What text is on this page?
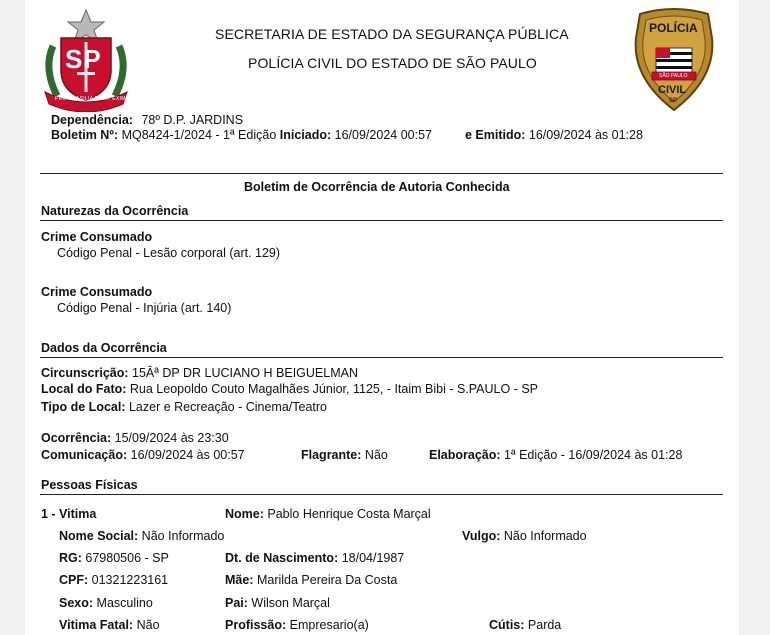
SP
PRO BRASILIA FIANT EXIMIA
SECRETARIA DE ESTADO DA SEGURANÇA PÚBLICA
POLÍCIA CIVIL DO ESTADO DE SÃO PAULO
POLÍCIA
SÃO PAULO
CIVIL
SP
Dependência: 78º D.P. JARDINS
Boletim Nº: MQ8424-1/2024 - 1ª Edição Iniciado: 16/09/2024 00:57	e Emitido: 16/09/2024 às 01:28
Boletim de Ocorrência de Autoria Conhecida
Naturezas da Ocorrência
Crime Consumado
Código Penal - Lesão corporal (art. 129)
Crime Consumado
Código Penal - Injúria (art. 140)
Dados da Ocorrência
Circunscrição: 15Âª DP DR LUCIANO H BEIGUELMAN
Local do Fato: Rua Leopoldo Couto Magalhães Júnior, 1125, - Itaim Bibi - S.PAULO - SP
Tipo de Local: Lazer e Recreação - Cinema/Teatro
Ocorrência: 15/09/2024 às 23:30
Comunicação: 16/09/2024 às 00:57	Flagrante: Não	Elaboração: 1ª Edição - 16/09/2024 às 01:28
Pessoas Físicas
1 - Vitima	Nome: Pablo Henrique Costa Marçal
Nome Social: Não Informado	Vulgo: Não Informado
RG: 67980506 - SP	Dt. de Nascimento: 18/04/1987
CPF: 01321223161	Mãe: Marilda Pereira Da Costa
Sexo: Masculino	Pai: Wilson Marçal
Vitima Fatal: Não	Profissão: Empresario(a)	Cútis: Parda
